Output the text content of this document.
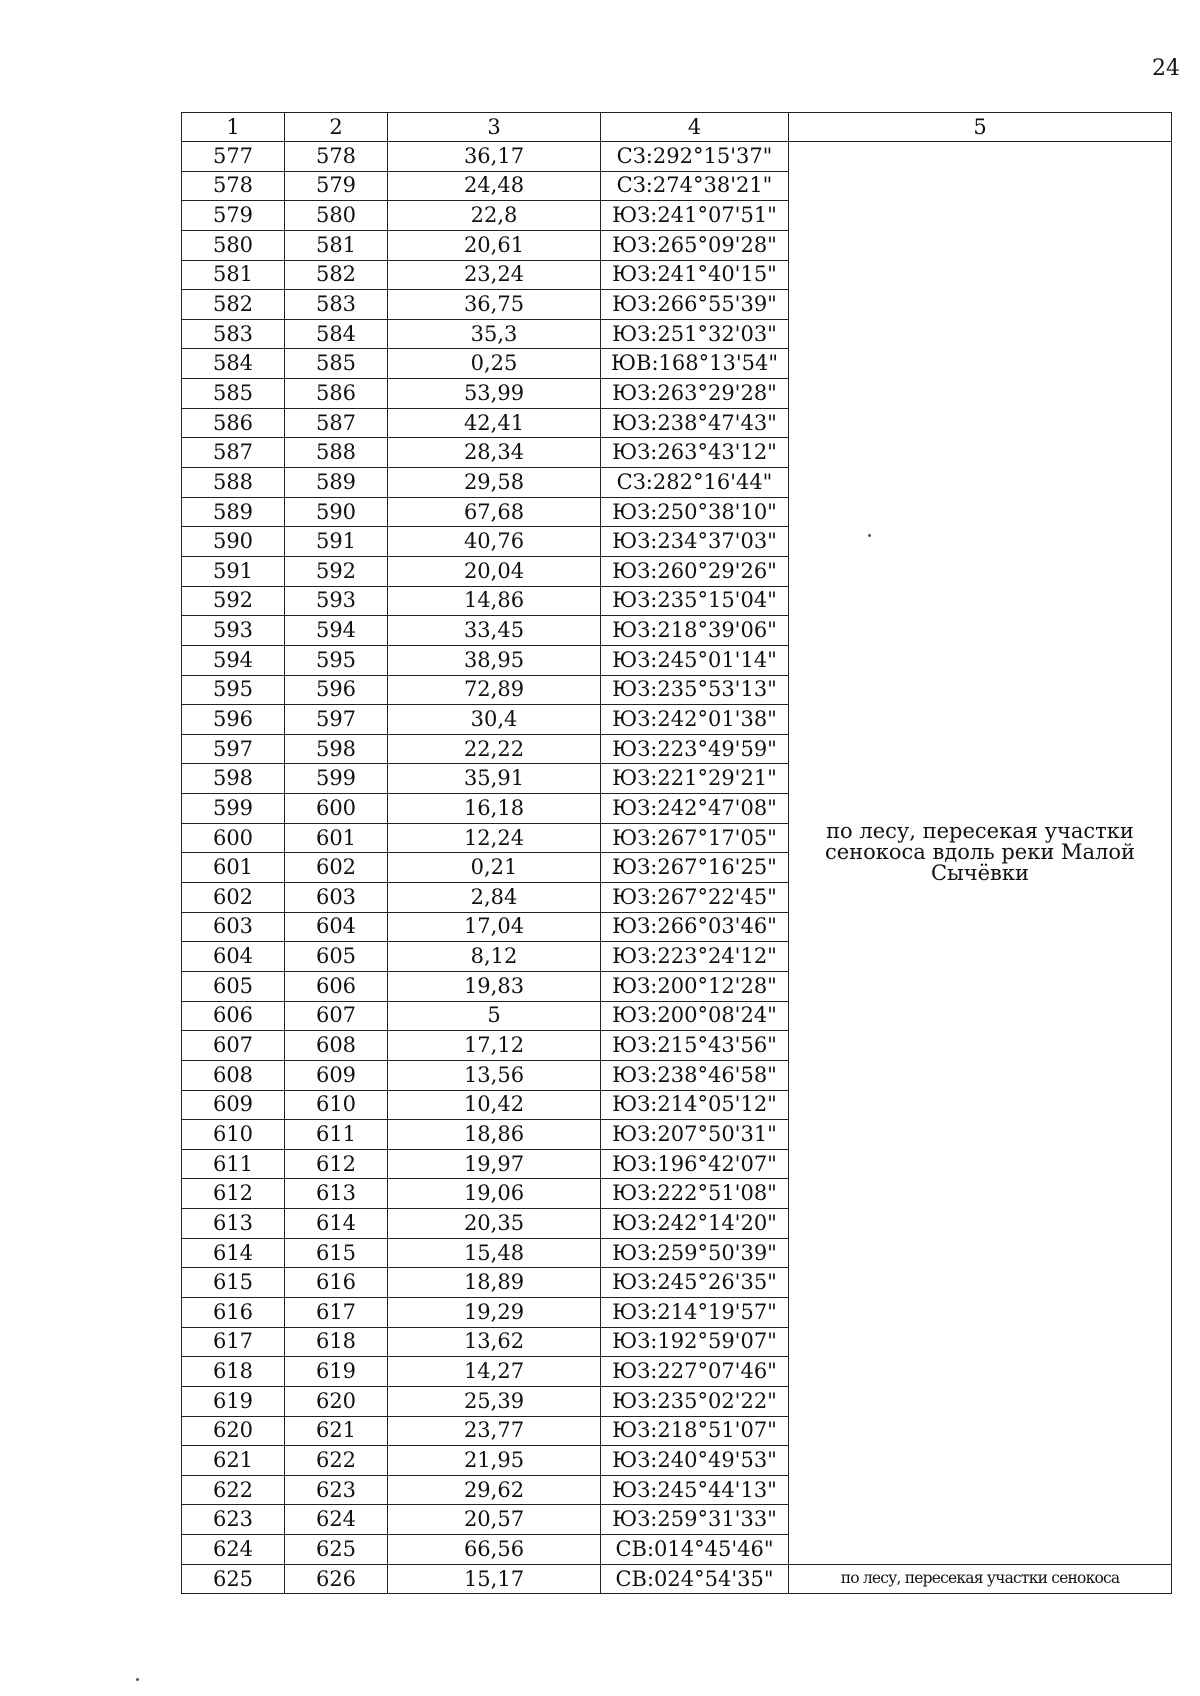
24
1	2	3	4	5
577	578	36,17	СЗ:292°15'37"	по лесу, пересекая участки сенокоса вдоль реки Малой Сычёвки
578	579	24,48	СЗ:274°38'21"	
579	580	22,8	ЮЗ:241°07'51"	
580	581	20,61	ЮЗ:265°09'28"	
581	582	23,24	ЮЗ:241°40'15"	
582	583	36,75	ЮЗ:266°55'39"	
583	584	35,3	ЮЗ:251°32'03"	
584	585	0,25	ЮВ:168°13'54"	
585	586	53,99	ЮЗ:263°29'28"	
586	587	42,41	ЮЗ:238°47'43"	
587	588	28,34	ЮЗ:263°43'12"	
588	589	29,58	СЗ:282°16'44"	
589	590	67,68	ЮЗ:250°38'10"	
590	591	40,76	ЮЗ:234°37'03"	
591	592	20,04	ЮЗ:260°29'26"	
592	593	14,86	ЮЗ:235°15'04"	
593	594	33,45	ЮЗ:218°39'06"	
594	595	38,95	ЮЗ:245°01'14"	
595	596	72,89	ЮЗ:235°53'13"	
596	597	30,4	ЮЗ:242°01'38"	
597	598	22,22	ЮЗ:223°49'59"	
598	599	35,91	ЮЗ:221°29'21"	
599	600	16,18	ЮЗ:242°47'08"	
600	601	12,24	ЮЗ:267°17'05"	
601	602	0,21	ЮЗ:267°16'25"	
602	603	2,84	ЮЗ:267°22'45"	
603	604	17,04	ЮЗ:266°03'46"	
604	605	8,12	ЮЗ:223°24'12"	
605	606	19,83	ЮЗ:200°12'28"	
606	607	5	ЮЗ:200°08'24"	
607	608	17,12	ЮЗ:215°43'56"	
608	609	13,56	ЮЗ:238°46'58"	
609	610	10,42	ЮЗ:214°05'12"	
610	611	18,86	ЮЗ:207°50'31"	
611	612	19,97	ЮЗ:196°42'07"	
612	613	19,06	ЮЗ:222°51'08"	
613	614	20,35	ЮЗ:242°14'20"	
614	615	15,48	ЮЗ:259°50'39"	
615	616	18,89	ЮЗ:245°26'35"	
616	617	19,29	ЮЗ:214°19'57"	
617	618	13,62	ЮЗ:192°59'07"	
618	619	14,27	ЮЗ:227°07'46"	
619	620	25,39	ЮЗ:235°02'22"	
620	621	23,77	ЮЗ:218°51'07"	
621	622	21,95	ЮЗ:240°49'53"	
622	623	29,62	ЮЗ:245°44'13"	
623	624	20,57	ЮЗ:259°31'33"	
624	625	66,56	СВ:014°45'46"	
625	626	15,17	СВ:024°54'35"	по лесу, пересекая участки сенокоса
